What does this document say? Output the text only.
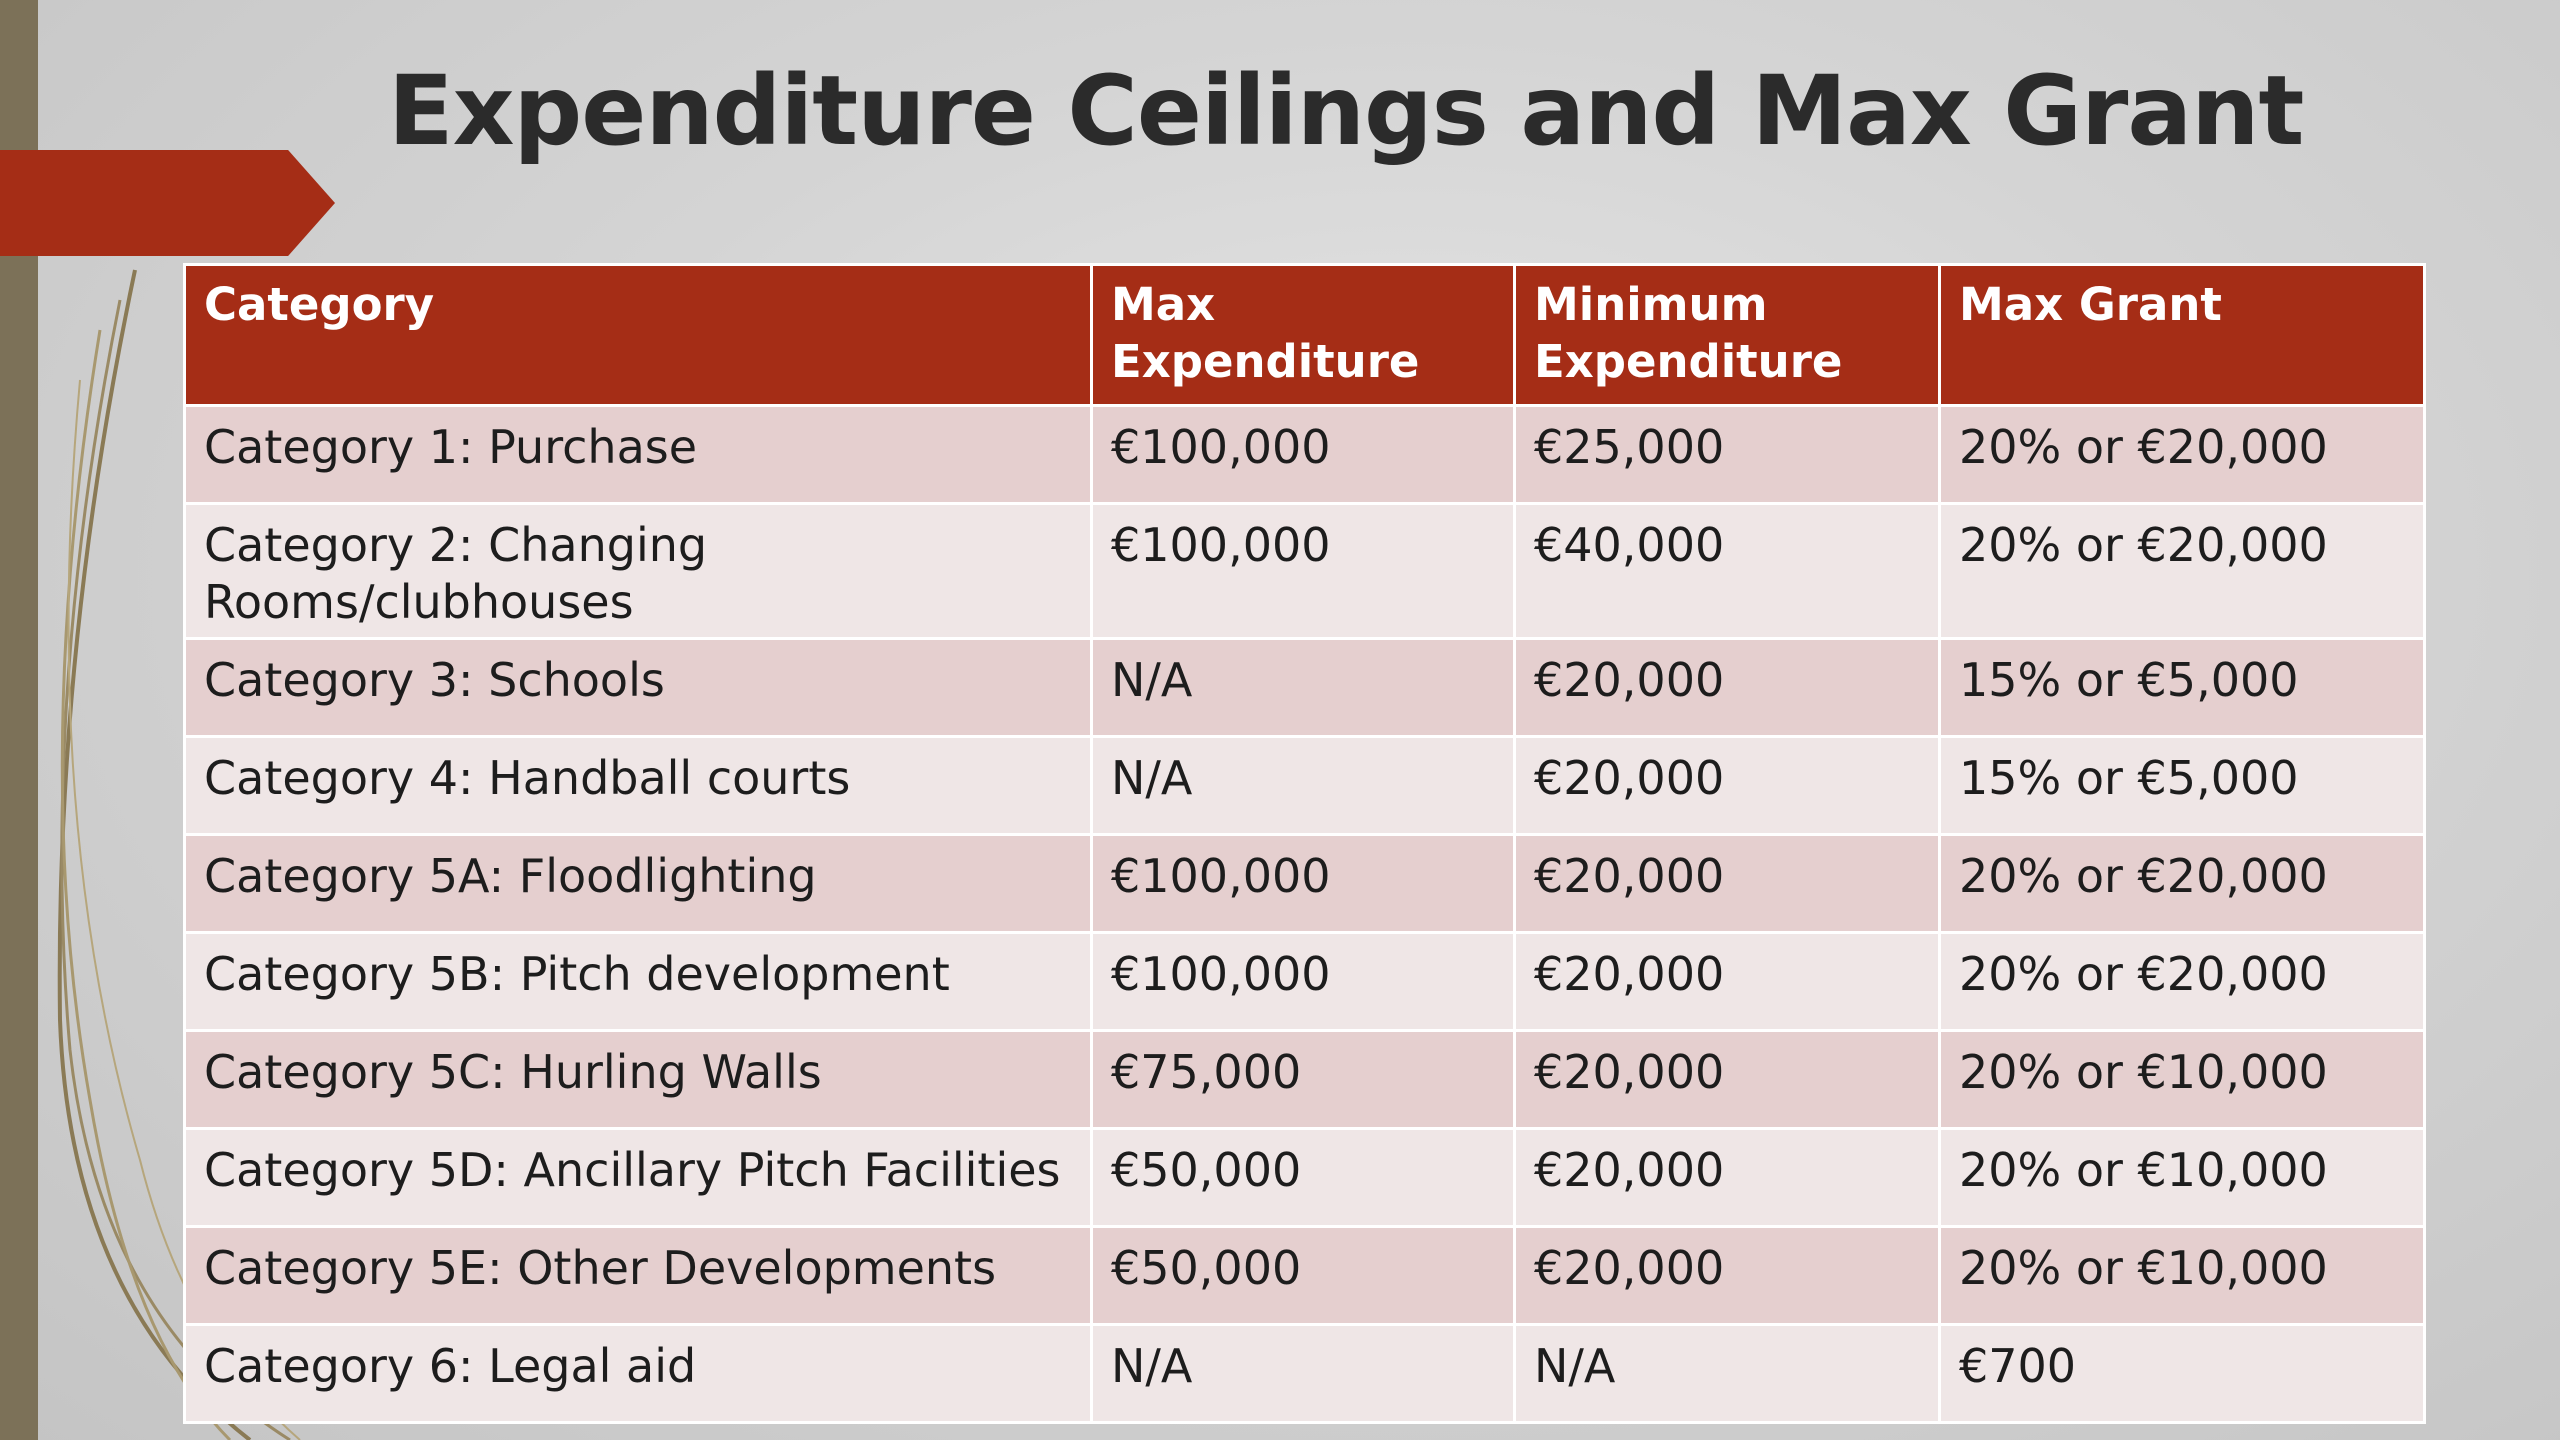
Expenditure Ceilings and Max Grant
Category	Max Expenditure	Minimum Expenditure	Max Grant
Category 1: Purchase	€100,000	€25,000	20% or €20,000
Category 2: Changing Rooms/clubhouses	€100,000	€40,000	20% or €20,000
Category 3: Schools	N/A	€20,000	15% or €5,000
Category 4: Handball courts	N/A	€20,000	15% or €5,000
Category 5A: Floodlighting	€100,000	€20,000	20% or €20,000
Category 5B: Pitch development	€100,000	€20,000	20% or €20,000
Category 5C: Hurling Walls	€75,000	€20,000	20% or €10,000
Category 5D: Ancillary Pitch Facilities	€50,000	€20,000	20% or €10,000
Category 5E: Other Developments	€50,000	€20,000	20% or €10,000
Category 6: Legal aid	N/A	N/A	€700
